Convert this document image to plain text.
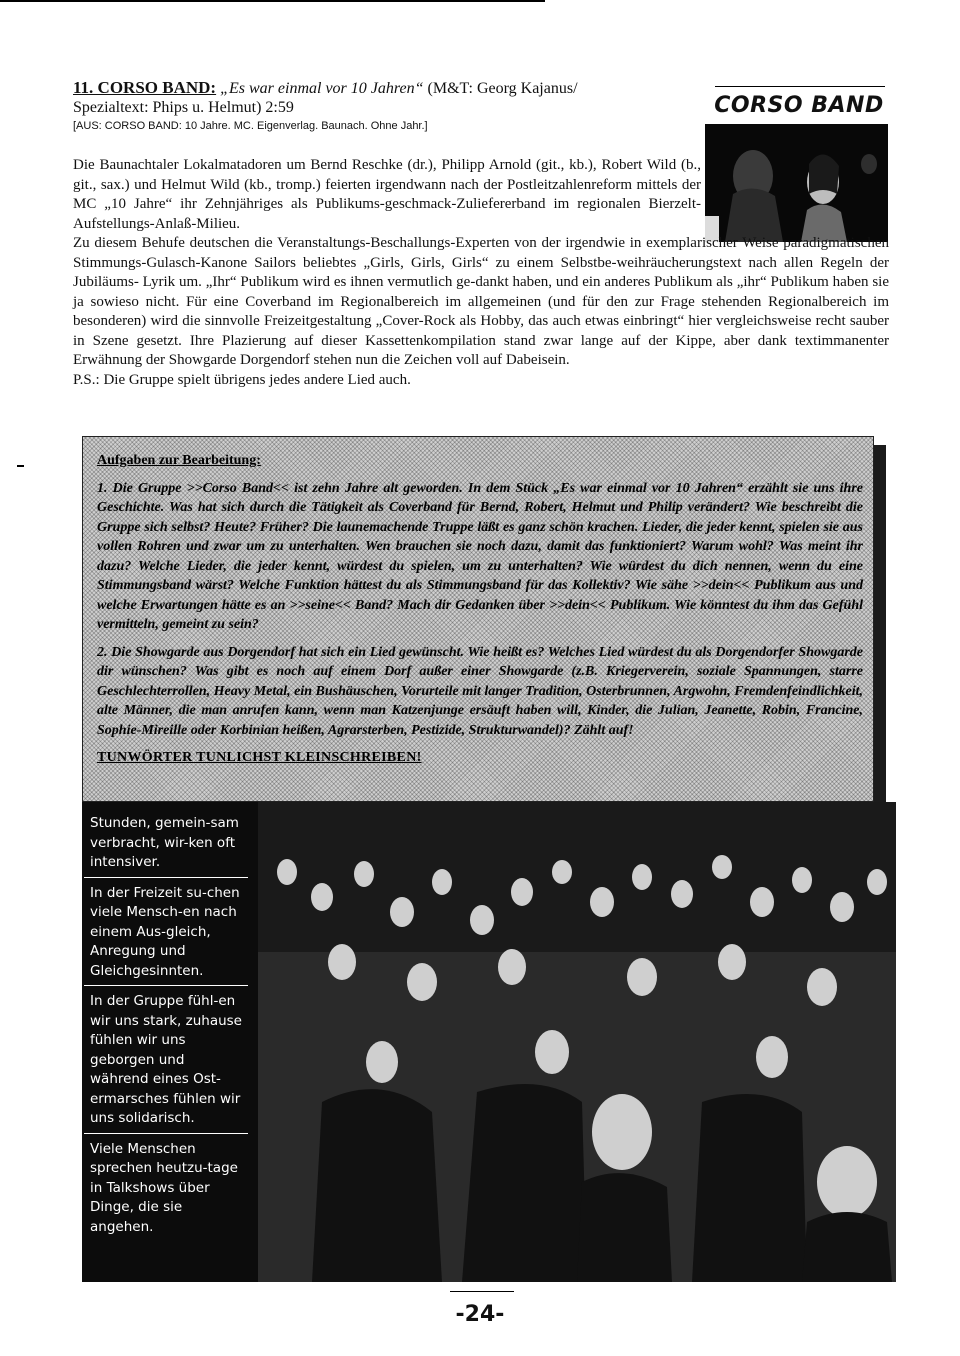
11. CORSO BAND: „Es war einmal vor 10 Jahren“ (M&T: Georg Kajanus/
Spezialtext: Phips u. Helmut) 2:59
[AUS: CORSO BAND: 10 Jahre. MC. Eigenverlag. Baunach. Ohne Jahr.]
CORSO BAND

Die Baunachtaler Lokalmatadoren um Bernd Reschke (dr.), Philipp Arnold (git., kb.), Robert Wild (b., git., sax.) und Helmut Wild (kb., tromp.) feierten irgendwann nach der Postleitzahlenreform mittels der MC „10 Jahre“ ihr Zehnjähriges als Publikums-geschmack-Zuliefererband im regionalen Bierzelt-Aufstellungs-Anlaß-Milieu.

Zu diesem Behufe deutschen die Veranstaltungs-Beschallungs-Experten von der irgendwie in exemplarischer Weise paradigmatischen Stimmungs-Gulasch-Kanone Sailors beliebtes „Girls, Girls, Girls“ zu einem Selbstbe-weihräucherungstext nach allen Regeln der Jubiläums- Lyrik um. „Ihr“ Publikum wird es ihnen vermutlich ge-dankt haben, und ein anderes Publikum als „ihr“ Publikum haben sie ja sowieso nicht. Für eine Coverband im Regionalbereich im allgemeinen (und für den zur Frage stehenden Regionalbereich im besonderen) wird die sinnvolle Freizeitgestaltung „Cover-Rock als Hobby, das auch etwas einbringt“ hier vergleichsweise recht sauber in Szene gesetzt. Ihre Plazierung auf dieser Kassettenkompilation stand zwar lange auf der Kippe, aber dank textimmanenter Erwähnung der Showgarde Dorgendorf stehen nun die Zeichen voll auf Dabeisein.

P.S.: Die Gruppe spielt übrigens jedes andere Lied auch.

Aufgaben zur Bearbeitung:

1. Die Gruppe >>Corso Band<< ist zehn Jahre alt geworden. In dem Stück „Es war einmal vor 10 Jahren“ erzählt sie uns ihre Geschichte. Was hat sich durch die Tätigkeit als Coverband für Bernd, Robert, Helmut und Philip verändert? Wie beschreibt die Gruppe sich selbst? Heute? Früher? Die launemachende Truppe läßt es ganz schön krachen. Lieder, die jeder kennt, spielen sie aus vollen Rohren und zwar um zu unterhalten. Wen brauchen sie noch dazu, damit das funktioniert? Warum wohl? Was meint ihr dazu? Welche Lieder, die jeder kennt, würdest du spielen, um zu unterhalten? Wie würdest du dich nennen, wenn du eine Stimmungsband wärst? Welche Funktion hättest du als Stimmungsband für das Kollektiv? Wie sähe >>dein<< Publikum aus und welche Erwartungen hätte es an >>seine<< Band? Mach dir Gedanken über >>dein<< Publikum. Wie könntest du ihm das Gefühl vermitteln, gemeint zu sein?

2. Die Showgarde aus Dorgendorf hat sich ein Lied gewünscht. Wie heißt es? Welches Lied würdest du als Dorgendorfer Showgarde dir wünschen? Was gibt es noch auf einem Dorf außer einer Showgarde (z.B. Kriegerverein, soziale Spannungen, starre Geschlechterrollen, Heavy Metal, ein Bushäuschen, Vorurteile mit langer Tradition, Osterbrunnen, Argwohn, Fremdenfeindlichkeit, alte Männer, die man anrufen kann, wenn man Katzenjunge ersäuft haben will, Kinder, die Julian, Jeanette, Robin, Francine, Sophie-Mireille oder Korbinian heißen, Agrarsterben, Pestizide, Strukturwandel)? Zählt auf!

TUNWÖRTER TUNLICHST KLEINSCHREIBEN!
Stunden, gemein-sam verbracht, wir-ken oft intensiver.
In der Freizeit su-chen viele Mensch-en nach einem Aus-gleich, Anregung und Gleichgesinnten.
In der Gruppe fühl-en wir uns stark, zuhause fühlen wir uns geborgen und während eines Ost-ermarsches fühlen wir uns solidarisch.
Viele Menschen sprechen heutzu-tage in Talkshows über Dinge, die sie angehen.
-24-
